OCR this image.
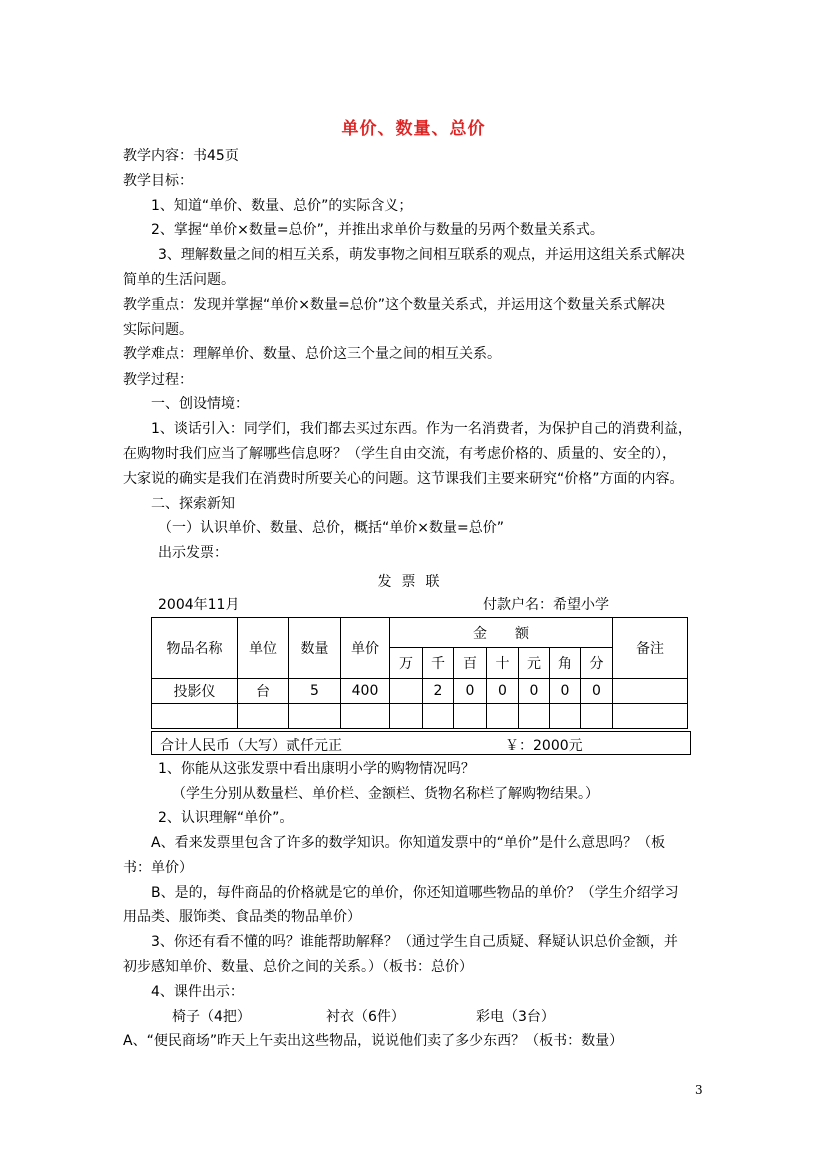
单价、数量、总价
教学内容：书45页
教学目标：
1、知道“单价、数量、总价”的实际含义；
2、掌握“单价×数量=总价”，并推出求单价与数量的另两个数量关系式。
3、理解数量之间的相互关系，萌发事物之间相互联系的观点，并运用这组关系式解决
简单的生活问题。
教学重点：发现并掌握“单价×数量=总价”这个数量关系式，并运用这个数量关系式解决
实际问题。
教学难点：理解单价、数量、总价这三个量之间的相互关系。
教学过程：
一、创设情境：
1、谈话引入：同学们，我们都去买过东西。作为一名消费者，为保护自己的消费利益，
在购物时我们应当了解哪些信息呀？（学生自由交流，有考虑价格的、质量的、安全的），
大家说的确实是我们在消费时所要关心的问题。这节课我们主要来研究“价格”方面的内容。
二、探索新知
（一）认识单价、数量、总价，概括“单价×数量=总价”
出示发票：
发票联
2004年11月	付款户名：希望小学
物品名称	单位	数量	单价	金　　额							备注
				万	千	百	十	元	角	分	
投影仪	台	5	400		2	0	0	0	0	0	

合计人民币（大写）贰仟元正	￥：2000元
1、你能从这张发票中看出康明小学的购物情况吗？
（学生分别从数量栏、单价栏、金额栏、货物名称栏了解购物结果。）
2、认识理解“单价”。
A、看来发票里包含了许多的数学知识。你知道发票中的“单价”是什么意思吗？（板
书：单价）
B、是的，每件商品的价格就是它的单价，你还知道哪些物品的单价？（学生介绍学习
用品类、服饰类、食品类的物品单价）
3、你还有看不懂的吗？谁能帮助解释？（通过学生自己质疑、释疑认识总价金额，并
初步感知单价、数量、总价之间的关系。）（板书：总价）
4、课件出示：
椅子（4把）	衬衣（6件）	彩电（3台）
A、“便民商场”昨天上午卖出这些物品，说说他们卖了多少东西？（板书：数量）
3
